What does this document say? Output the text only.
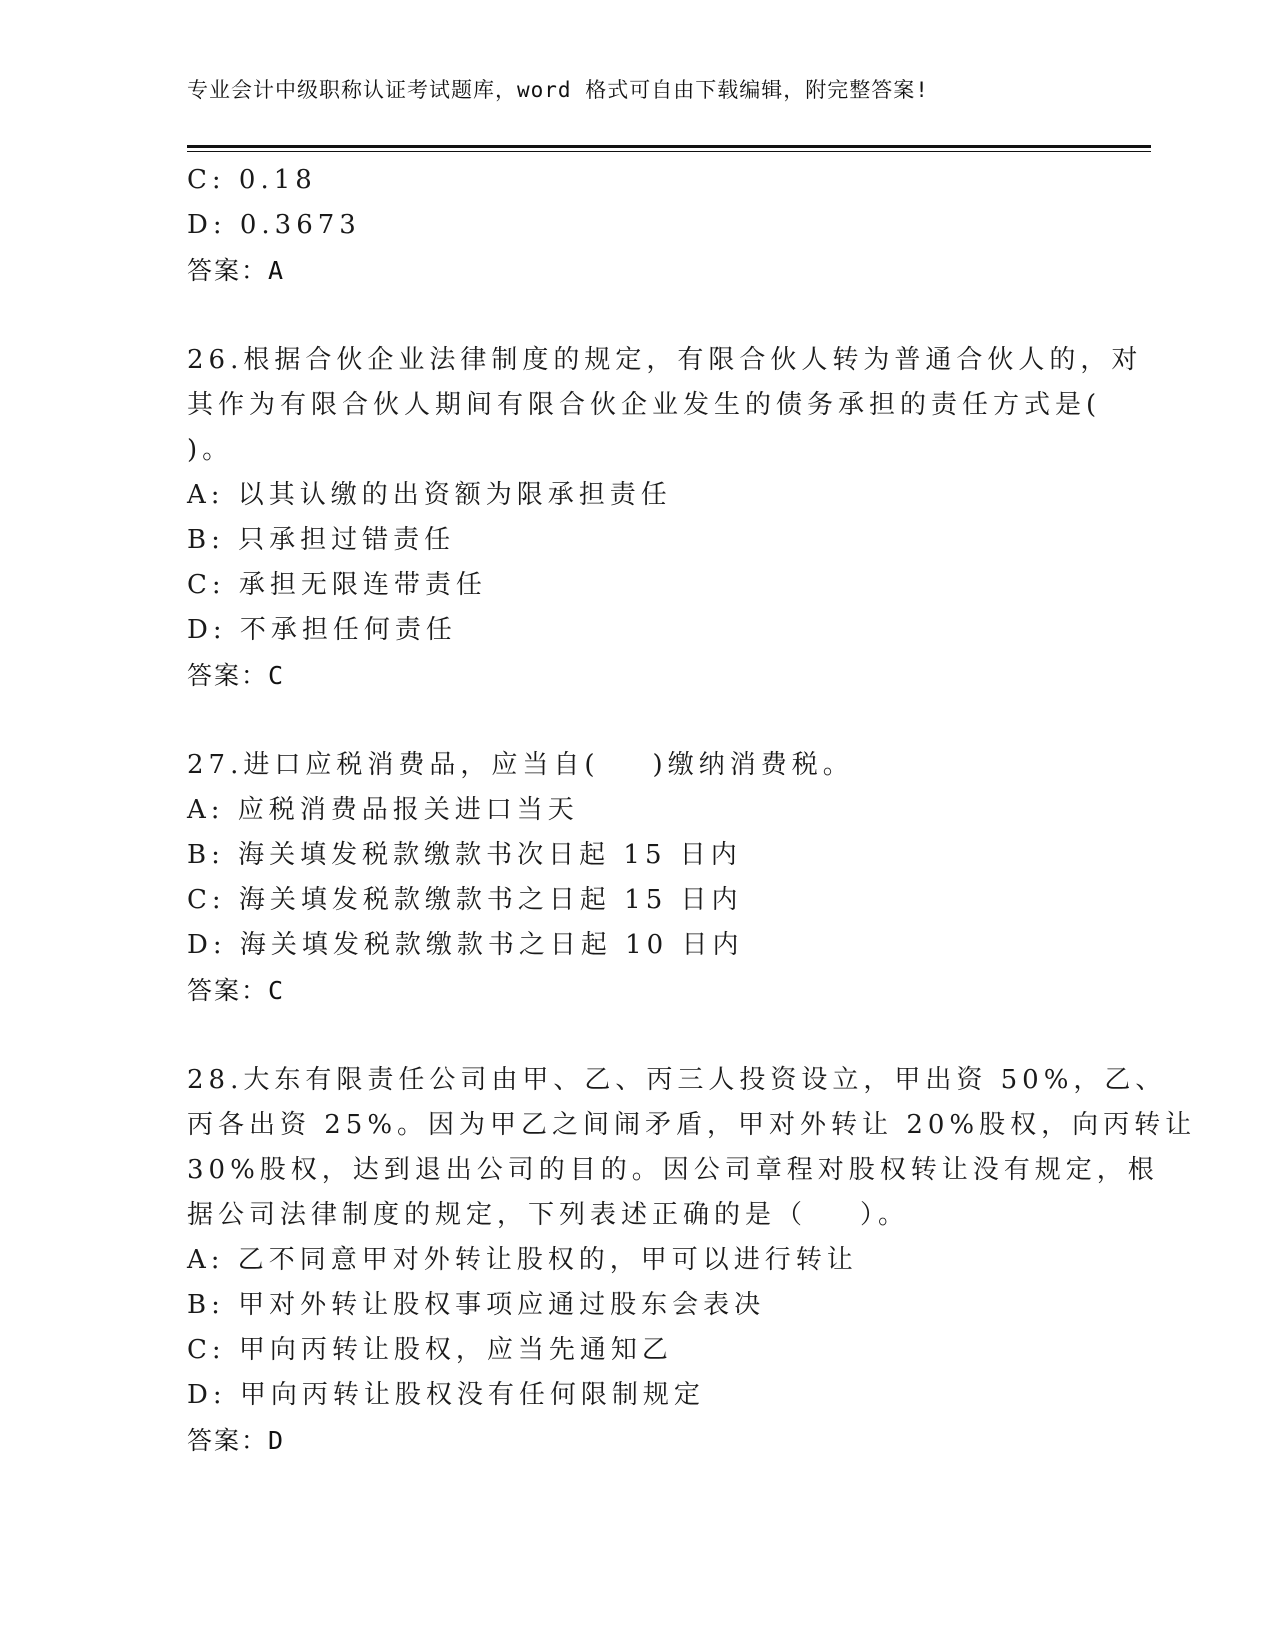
专业会计中级职称认证考试题库，word 格式可自由下载编辑，附完整答案!
C: 0.18
D: 0.3673
答案：A
26.根据合伙企业法律制度的规定，有限合伙人转为普通合伙人的，对
其作为有限合伙人期间有限合伙企业发生的债务承担的责任方式是(
)。
A: 以其认缴的出资额为限承担责任
B: 只承担过错责任
C: 承担无限连带责任
D: 不承担任何责任
答案：C
27.进口应税消费品，应当自(    )缴纳消费税。
A: 应税消费品报关进口当天
B: 海关填发税款缴款书次日起 15 日内
C: 海关填发税款缴款书之日起 15 日内
D: 海关填发税款缴款书之日起 10 日内
答案：C
28.大东有限责任公司由甲、乙、丙三人投资设立，甲出资 50%，乙、
丙各出资 25%。因为甲乙之间闹矛盾，甲对外转让 20%股权，向丙转让
30%股权，达到退出公司的目的。因公司章程对股权转让没有规定，根
据公司法律制度的规定，下列表述正确的是（    ）。
A: 乙不同意甲对外转让股权的，甲可以进行转让
B: 甲对外转让股权事项应通过股东会表决
C: 甲向丙转让股权，应当先通知乙
D: 甲向丙转让股权没有任何限制规定
答案：D
